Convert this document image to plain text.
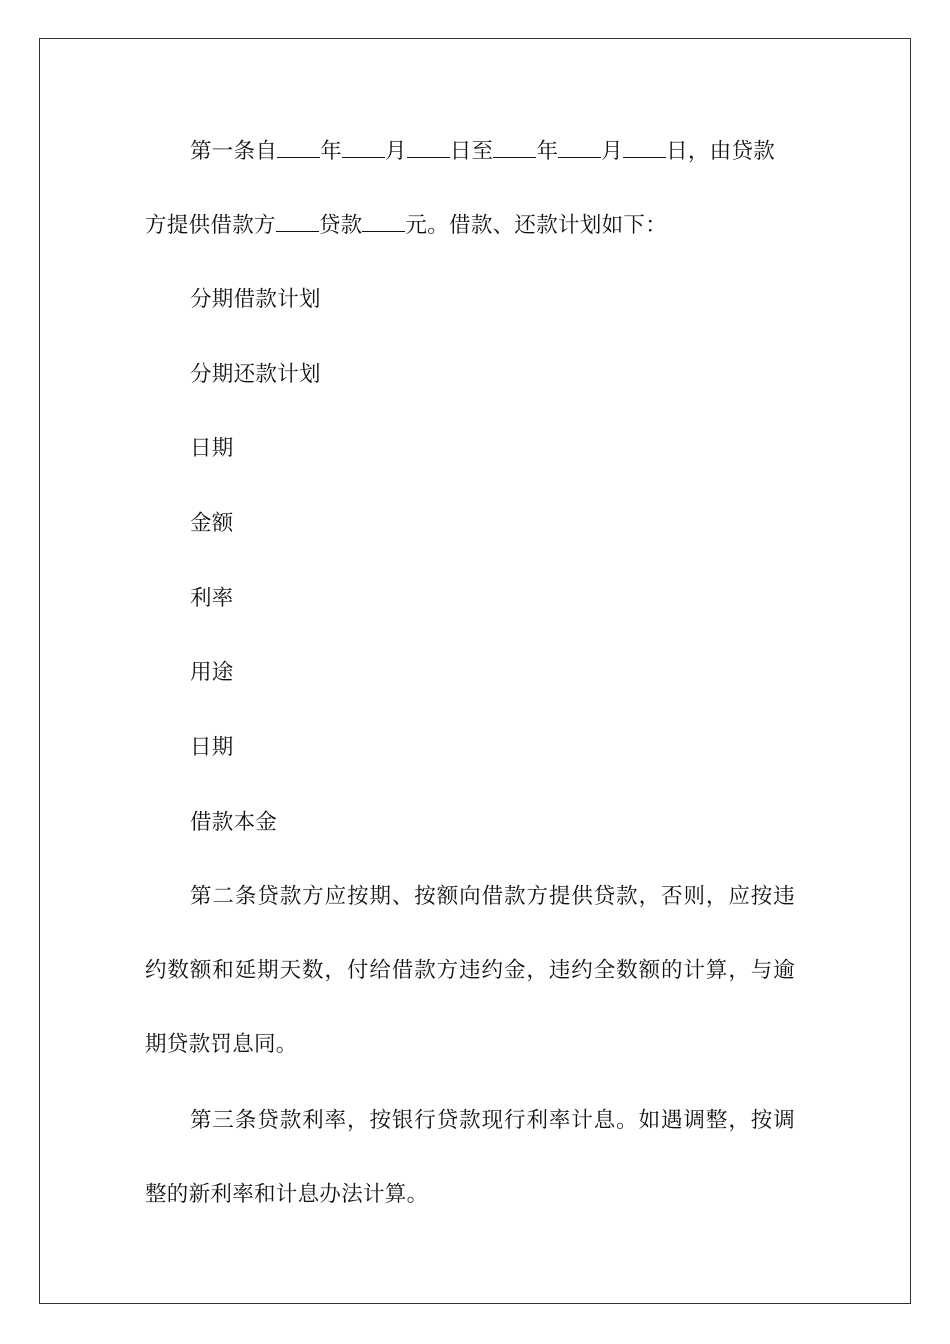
第一条自 年 月 日至 年 月 日，由贷款
方提供借款方 贷款 元。借款、还款计划如下：
分期借款计划
分期还款计划
日期
金额
利率
用途
日期
借款本金
第二条贷款方应按期、按额向借款方提供贷款，否则，应按违约数额和延期天数，付给借款方违约金，违约全数额的计算，与逾期贷款罚息同。
第三条贷款利率，按银行贷款现行利率计息。如遇调整，按调整的新利率和计息办法计算。
